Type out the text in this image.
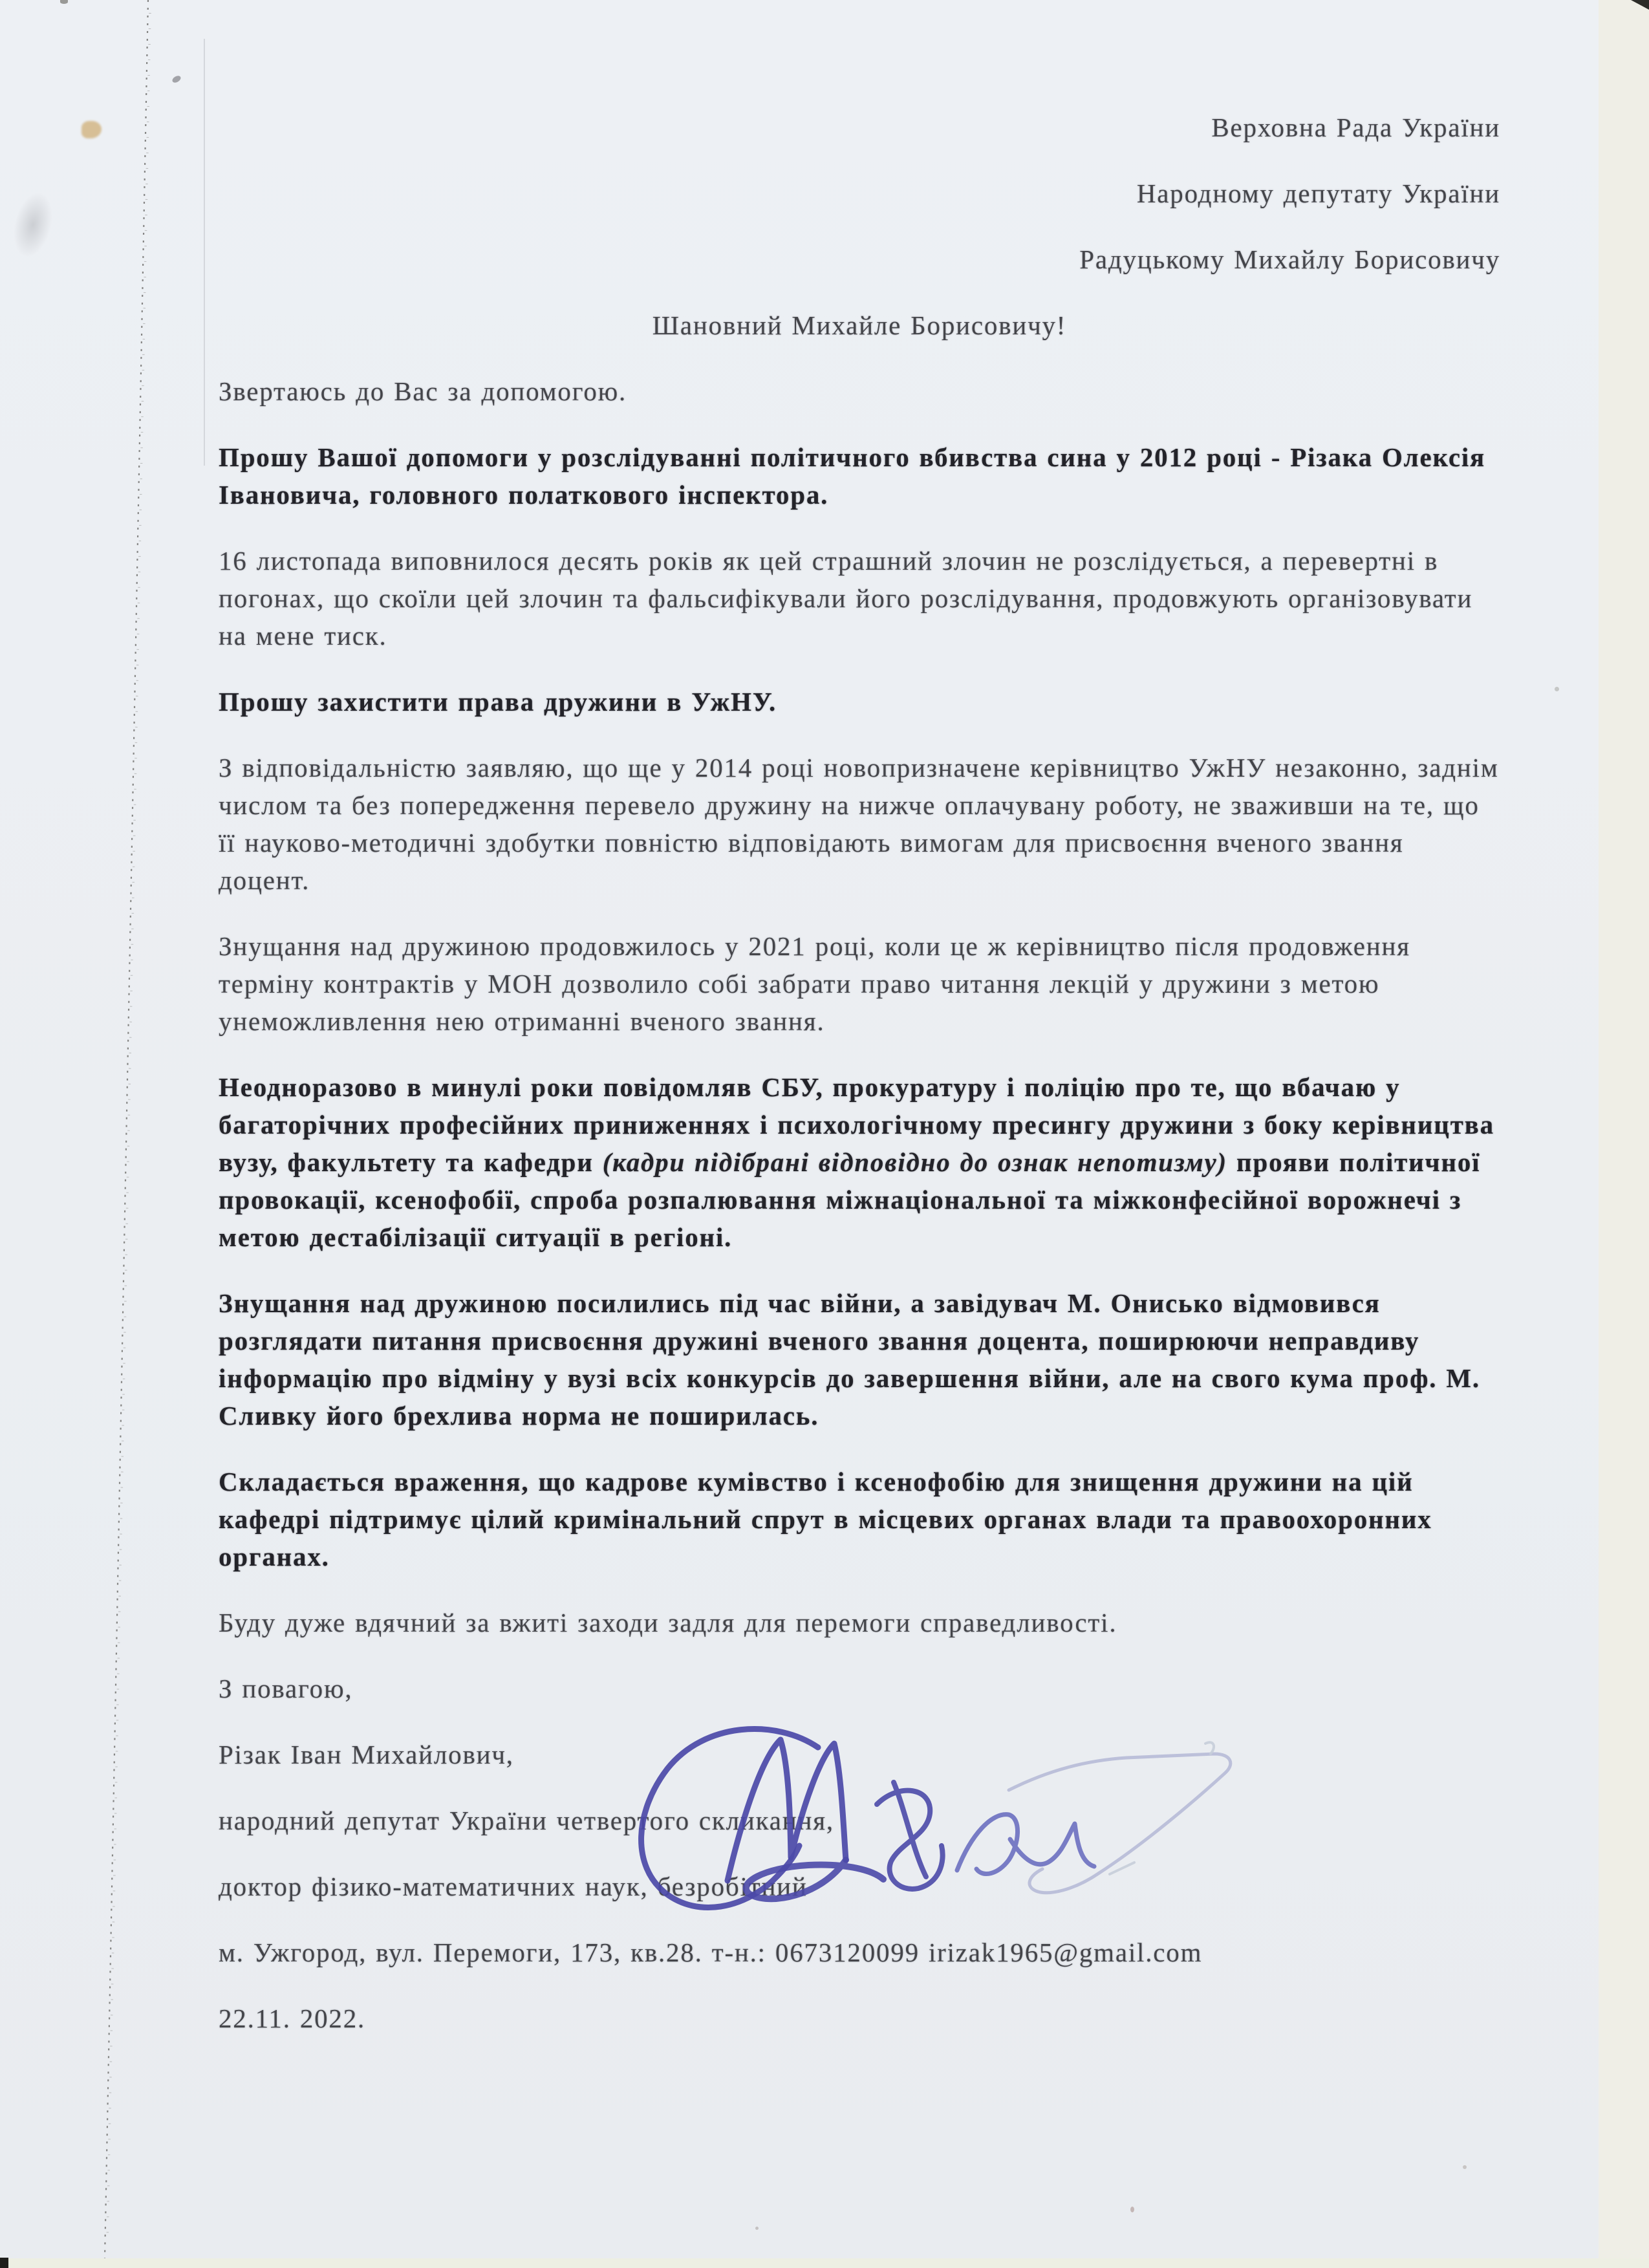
Верховна Рада України

Народному депутату України

Радуцькому Михайлу Борисовичу

Шановний Михайле Борисовичу!

Звертаюсь до Вас за допомогою.

Прошу Вашої допомоги у розслідуванні політичного вбивства сина у 2012 році - Різака Олексія Івановича, головного полаткового інспектора.

16 листопада виповнилося десять років як цей страшний злочин не розслідується, а перевертні в погонах, що скоїли цей злочин та фальсифікували його розслідування, продовжують організовувати на мене тиск.

Прошу захистити права дружини в УжНУ.

З відповідальністю заявляю, що ще у 2014 році новопризначене керівництво УжНУ незаконно, заднім числом та без попередження перевело дружину на нижче оплачувану роботу, не зваживши на те, що її науково-методичні здобутки повністю відповідають вимогам для присвоєння вченого звання доцент.

Знущання над дружиною продовжилось у 2021 році, коли це ж керівництво після продовження терміну контрактів у МОН дозволило собі забрати право читання лекцій у дружини з метою унеможливлення нею отриманні вченого звання.

Неодноразово в минулі роки повідомляв СБУ, прокуратуру і поліцію про те, що вбачаю у багаторічних професійних приниженнях і психологічному пресингу дружини з боку керівництва вузу, факультету та кафедри (кадри підібрані відповідно до ознак непотизму) прояви політичної провокації, ксенофобії, спроба розпалювання міжнаціональної та міжконфесійної ворожнечі з метою дестабілізації ситуації в регіоні.

Знущання над дружиною посилились під час війни, а завідувач М. Онисько відмовився розглядати питання присвоєння дружині вченого звання доцента, поширюючи неправдиву інформацію про відміну у вузі всіх конкурсів до завершення війни, але на свого кума проф. М. Сливку його брехлива норма не поширилась.

Складається враження, що кадрове кумівство і ксенофобію для знищення дружини на цій кафедрі підтримує цілий кримінальний спрут в місцевих органах влади та правоохоронних органах.

Буду дуже вдячний за вжиті заходи задля для перемоги справедливості.

З повагою,

Різак Іван Михайлович,

народний депутат України четвертого скликання,

доктор фізико-математичних наук, безробітний

м. Ужгород, вул. Перемоги, 173, кв.28. т-н.: 0673120099 irizak1965@gmail.com

22.11. 2022.
